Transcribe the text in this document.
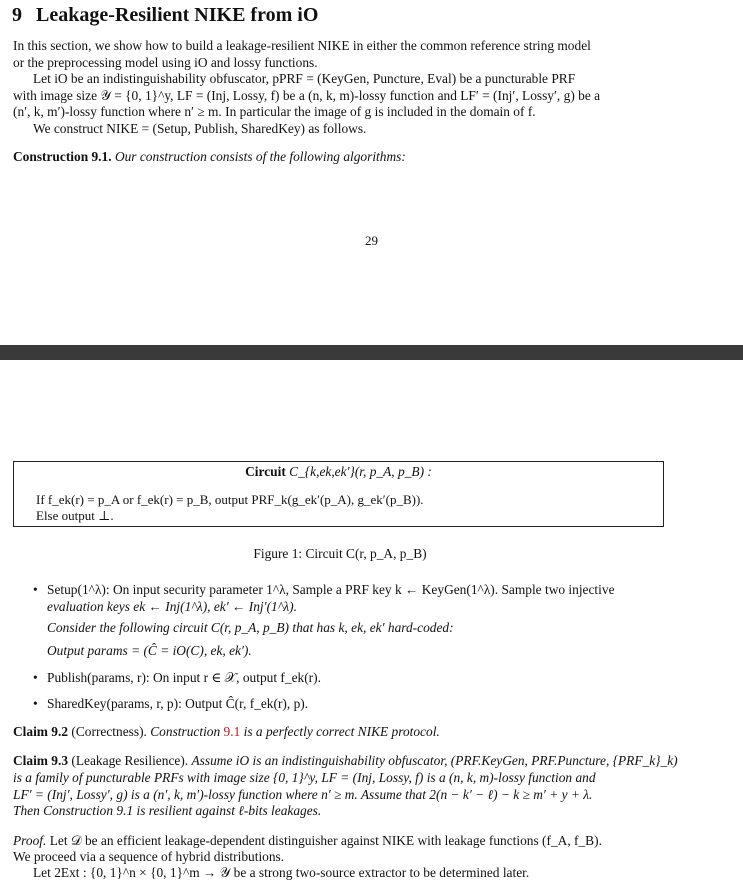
9 Leakage-Resilient NIKE from iO
In this section, we show how to build a leakage-resilient NIKE in either the common reference string model
or the preprocessing model using iO and lossy functions.
Let iO be an indistinguishability obfuscator, pPRF = (KeyGen, Puncture, Eval) be a puncturable PRF
with image size 𝒴 = {0, 1}^y, LF = (Inj, Lossy, f) be a (n, k, m)-lossy function and LF′ = (Inj′, Lossy′, g) be a
(n′, k, m′)-lossy function where n′ ≥ m. In particular the image of g is included in the domain of f.
We construct NIKE = (Setup, Publish, SharedKey) as follows.
Construction 9.1. Our construction consists of the following algorithms:
29
Circuit C_{k,ek,ek′}(r, p_A, p_B) :
If f_ek(r) = p_A or f_ek(r) = p_B, output PRF_k(g_ek′(p_A), g_ek′(p_B)).
Else output ⊥.
Figure 1: Circuit C(r, p_A, p_B)
• Setup(1^λ): On input security parameter 1^λ, Sample a PRF key k ← KeyGen(1^λ). Sample two injective
evaluation keys ek ← Inj(1^λ), ek′ ← Inj′(1^λ).
Consider the following circuit C(r, p_A, p_B) that has k, ek, ek′ hard-coded:
Output params = (Ĉ = iO(C), ek, ek′).
• Publish(params, r): On input r ∈ 𝒳, output f_ek(r).
• SharedKey(params, r, p): Output Ĉ(r, f_ek(r), p).
Claim 9.2 (Correctness). Construction 9.1 is a perfectly correct NIKE protocol.
Claim 9.3 (Leakage Resilience). Assume iO is an indistinguishability obfuscator, (PRF.KeyGen, PRF.Puncture, {PRF_k}_k)
is a family of puncturable PRFs with image size {0, 1}^y, LF = (Inj, Lossy, f) is a (n, k, m)-lossy function and
LF′ = (Inj′, Lossy′, g) is a (n′, k, m′)-lossy function where n′ ≥ m. Assume that 2(n − k′ − ℓ) − k ≥ m′ + y + λ.
Then Construction 9.1 is resilient against ℓ-bits leakages.
Proof. Let 𝒟 be an efficient leakage-dependent distinguisher against NIKE with leakage functions (f_A, f_B).
We proceed via a sequence of hybrid distributions.
Let 2Ext : {0, 1}^n × {0, 1}^m → 𝒴 be a strong two-source extractor to be determined later.
